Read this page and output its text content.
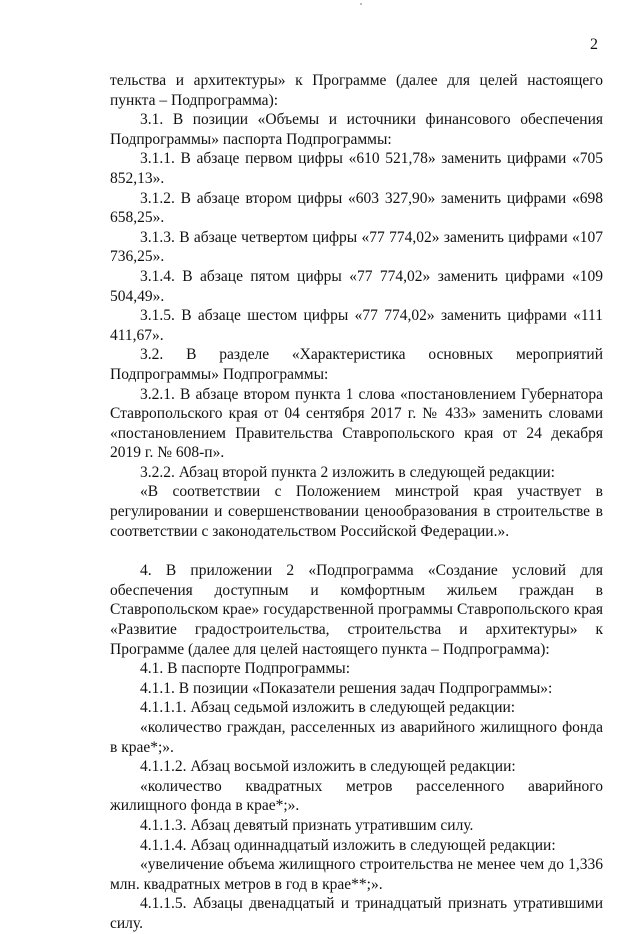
2

тельства и архитектуры» к Программе (далее для целей настоящего пункта – Подпрограмма):

3.1. В позиции «Объемы и источники финансового обеспечения Подпрограммы» паспорта Подпрограммы:

3.1.1. В абзаце первом цифры «610 521,78» заменить цифрами «705 852,13».

3.1.2. В абзаце втором цифры «603 327,90» заменить цифрами «698 658,25».

3.1.3. В абзаце четвертом цифры «77 774,02» заменить цифрами «107 736,25».

3.1.4. В абзаце пятом цифры «77 774,02» заменить цифрами «109 504,49».

3.1.5. В абзаце шестом цифры «77 774,02» заменить цифрами «111 411,67».

3.2. В разделе «Характеристика основных мероприятий Подпрограммы» Подпрограммы:

3.2.1. В абзаце втором пункта 1 слова «постановлением Губернатора Ставропольского края от 04 сентября 2017 г. № 433» заменить словами «постановлением Правительства Ставропольского края от 24 декабря 2019 г. № 608-п».

3.2.2. Абзац второй пункта 2 изложить в следующей редакции:

«В соответствии с Положением минстрой края участвует в регулировании и совершенствовании ценообразования в строительстве в соответствии с законодательством Российской Федерации.».

4. В приложении 2 «Подпрограмма «Создание условий для обеспечения доступным и комфортным жильем граждан в Ставропольском крае» государственной программы Ставропольского края «Развитие градостроительства, строительства и архитектуры» к Программе (далее для целей настоящего пункта – Подпрограмма):

4.1. В паспорте Подпрограммы:

4.1.1. В позиции «Показатели решения задач Подпрограммы»:

4.1.1.1. Абзац седьмой изложить в следующей редакции:

«количество граждан, расселенных из аварийного жилищного фонда в крае*;».

4.1.1.2. Абзац восьмой изложить в следующей редакции:

«количество квадратных метров расселенного аварийного жилищного фонда в крае*;».

4.1.1.3. Абзац девятый признать утратившим силу.

4.1.1.4. Абзац одиннадцатый изложить в следующей редакции:

«увеличение объема жилищного строительства не менее чем до 1,336 млн. квадратных метров в год в крае**;».

4.1.1.5. Абзацы двенадцатый и тринадцатый признать утратившими силу.
